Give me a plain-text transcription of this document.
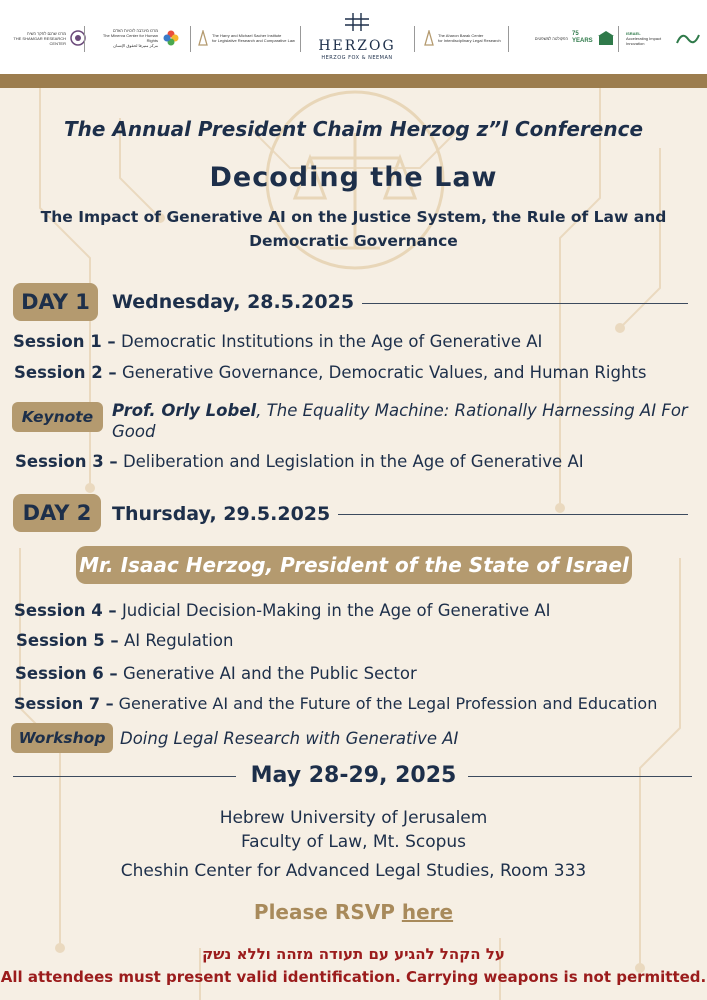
מרכז שרגם לחקר השיח
THE SHAMGAR RESEARCH CENTER
מרכז מינרבה לזכויות האדם
The Minerva Center for Human Rights
مركز منيرفا لحقوق الإنسان
The Harry and Michael Sacher Institute
for Legislative Research and Comparative Law	HERZOG
HERZOG FOX & NEEMAN
The Aharon Barak Center
for Interdisciplinary Legal Research	הפקולטה למשפטים
75 YEARS
ISRAEL
Accelerating Impact Innovation
The Annual President Chaim Herzog z”l Conference
Decoding the Law
The Impact of Generative AI on the Justice System, the Rule of Law and Democratic Governance
DAY 1	Wednesday, 28.5.2025
Session 1 – Democratic Institutions in the Age of Generative AI
Session 2 – Generative Governance, Democratic Values, and Human Rights
Keynote	Prof. Orly Lobel, The Equality Machine: Rationally Harnessing AI For Good
Session 3 – Deliberation and Legislation in the Age of Generative AI
DAY 2	Thursday, 29.5.2025
Mr. Isaac Herzog, President of the State of Israel
Session 4 – Judicial Decision-Making in the Age of Generative AI
Session 5 – AI Regulation
Session 6 – Generative AI and the Public Sector
Session 7 – Generative AI and the Future of the Legal Profession and Education
Workshop Doing Legal Research with Generative AI
May 28-29, 2025
Hebrew University of Jerusalem
Faculty of Law, Mt. Scopus
Cheshin Center for Advanced Legal Studies, Room 333
Please RSVP here
על הקהל להגיע עם תעודה מזהה וללא נשק
All attendees must present valid identification. Carrying weapons is not permitted.
